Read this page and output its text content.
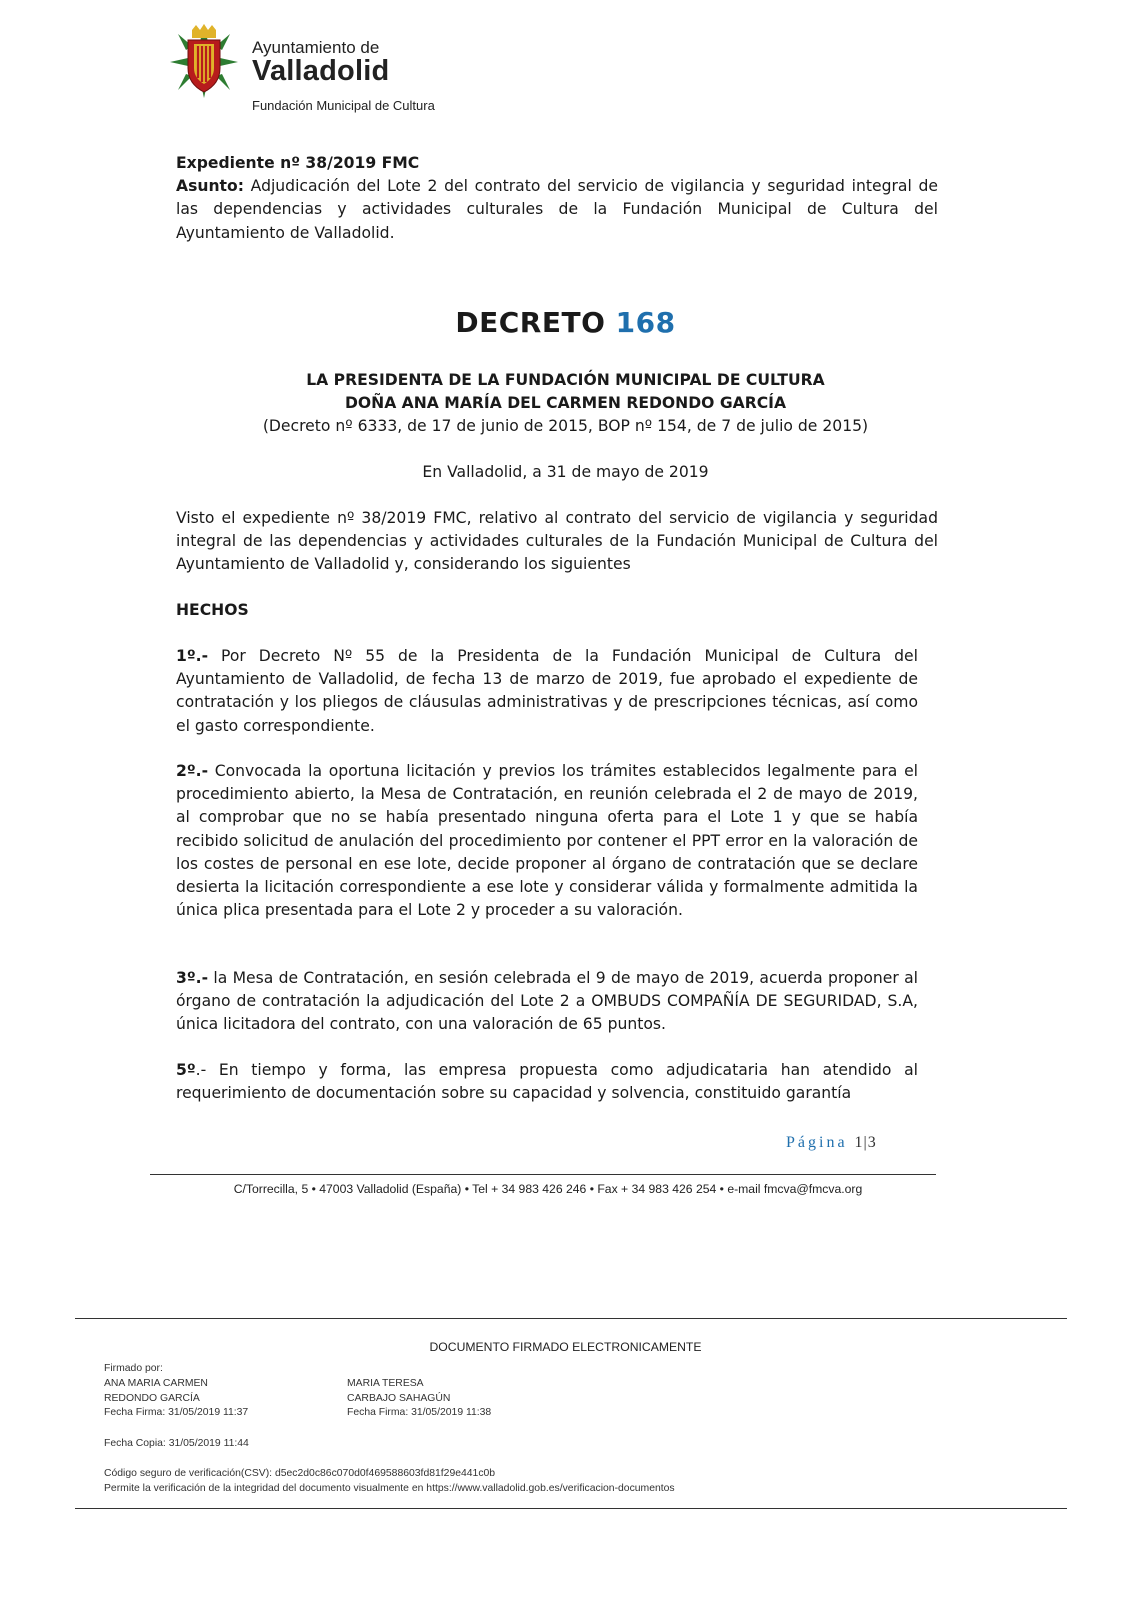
Ayuntamiento de
Valladolid
Fundación Municipal de Cultura
Expediente nº 38/2019 FMC
Asunto: Adjudicación del Lote 2 del contrato del servicio de vigilancia y seguridad integral de las dependencias y actividades culturales de la Fundación Municipal de Cultura del Ayuntamiento de Valladolid.
DECRETO 168
LA PRESIDENTA DE LA FUNDACIÓN MUNICIPAL DE CULTURA
DOÑA ANA MARÍA DEL CARMEN REDONDO GARCÍA
(Decreto nº 6333, de 17 de junio de 2015, BOP nº 154, de 7 de julio de 2015)
En Valladolid, a 31 de mayo de 2019
Visto el expediente nº 38/2019 FMC, relativo al contrato del servicio de vigilancia y seguridad integral de las dependencias y actividades culturales de la Fundación Municipal de Cultura del Ayuntamiento de Valladolid y, considerando los siguientes
HECHOS
1º.- Por Decreto Nº 55 de la Presidenta de la Fundación Municipal de Cultura del Ayuntamiento de Valladolid, de fecha 13 de marzo de 2019, fue aprobado el expediente de contratación y los pliegos de cláusulas administrativas y de prescripciones técnicas, así como el gasto correspondiente.
2º.- Convocada la oportuna licitación y previos los trámites establecidos legalmente para el procedimiento abierto, la Mesa de Contratación, en reunión celebrada el 2 de mayo de 2019, al comprobar que no se había presentado ninguna oferta para el Lote 1 y que se había recibido solicitud de anulación del procedimiento por contener el PPT error en la valoración de los costes de personal en ese lote, decide proponer al órgano de contratación que se declare desierta la licitación correspondiente a ese lote y considerar válida y formalmente admitida la única plica presentada para el Lote 2 y proceder a su valoración.
3º.- la Mesa de Contratación, en sesión celebrada el 9 de mayo de 2019, acuerda proponer al órgano de contratación la adjudicación del Lote 2 a OMBUDS COMPAÑÍA DE SEGURIDAD, S.A, única licitadora del contrato, con una valoración de 65 puntos.
5º.- En tiempo y forma, las empresa propuesta como adjudicataria han atendido al requerimiento de documentación sobre su capacidad y solvencia, constituido garantía
Página 1|3
C/Torrecilla, 5 • 47003 Valladolid (España) • Tel + 34 983 426 246 • Fax + 34 983 426 254 • e-mail fmcva@fmcva.org
DOCUMENTO FIRMADO ELECTRONICAMENTE
Firmado por:
ANA MARIA CARMEN
REDONDO GARCÍA
Fecha Firma: 31/05/2019 11:37
MARIA TERESA
CARBAJO SAHAGÚN
Fecha Firma: 31/05/2019 11:38
Fecha Copia: 31/05/2019 11:44
Código seguro de verificación(CSV): d5ec2d0c86c070d0f469588603fd81f29e441c0b
Permite la verificación de la integridad del documento visualmente en https://www.valladolid.gob.es/verificacion-documentos
